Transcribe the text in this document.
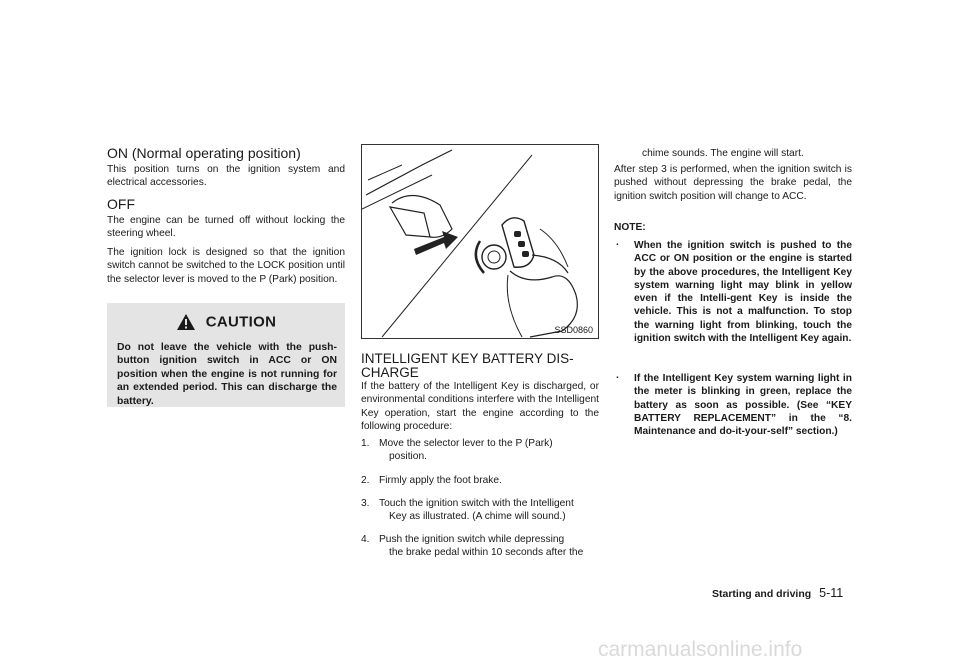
ON (Normal operating position)

This position turns on the ignition system and electrical accessories.

OFF

The engine can be turned off without locking the steering wheel.

The ignition lock is designed so that the ignition switch cannot be switched to the LOCK position until the selector lever is moved to the P (Park) position.

CAUTION
Do not leave the vehicle with the push-button ignition switch in ACC or ON position when the engine is not running for an extended period. This can discharge the battery.
SSD0860
INTELLIGENT KEY BATTERY DIS-
CHARGE

If the battery of the Intelligent Key is discharged, or environmental conditions interfere with the Intelligent Key operation, start the engine according to the following procedure:

1. Move the selector lever to the P (Park)
position.
2. Firmly apply the foot brake.
3. Touch the ignition switch with the Intelligent
Key as illustrated. (A chime will sound.)
4. Push the ignition switch while depressing
the brake pedal within 10 seconds after the
chime sounds. The engine will start.

After step 3 is performed, when the ignition switch is pushed without depressing the brake pedal, the ignition switch position will change to ACC.

NOTE:
. When the ignition switch is pushed to the ACC or ON position or the engine is started by the above procedures, the Intelligent Key system warning light may blink in yellow even if the Intelli-gent Key is inside the vehicle. This is not a malfunction. To stop the warning light from blinking, touch the ignition switch with the Intelligent Key again.

. If the Intelligent Key system warning light in the meter is blinking in green, replace the battery as soon as possible. (See “KEY BATTERY REPLACEMENT” in the “8. Maintenance and do-it-your-self” section.)

Starting and driving 5-11
carmanualsonline.info
